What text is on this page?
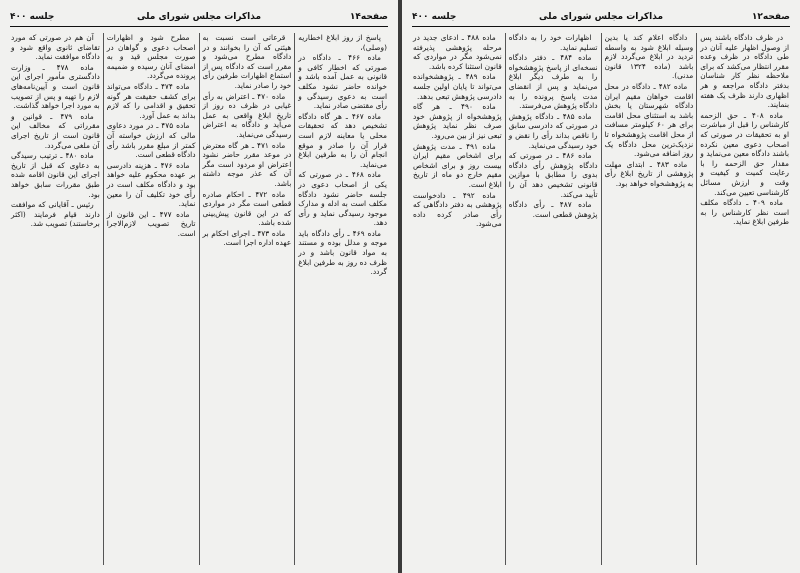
صفحه۱۴
مذاکرات مجلس شورای ملی
جلسه ۴۰۰

پاسخ از روز ابلاغ اخطاریه (وصلی)،

ماده ۴۶۶ ـ دادگاه در صورتی که اخطار کافی و قانونی به عمل آمده باشد و خوانده حاضر نشود مکلف است به دعوی رسیدگی و رأی مقتضی صادر نماید.

ماده ۴۶۷ ـ هر گاه دادگاه تشخیص دهد که تحقیقات محلی یا معاینه لازم است قرار آن را صادر و موقع انجام آن را به طرفین ابلاغ می‌نماید.

ماده ۴۶۸ ـ در صورتی که یکی از اصحاب دعوی در جلسه حاضر نشود دادگاه مکلف است به ادله و مدارک موجود رسیدگی نماید و رأی دهد.

ماده ۴۶۹ ـ رأی دادگاه باید موجه و مدلل بوده و مستند به مواد قانون باشد و در ظرف ده روز به طرفین ابلاغ گردد.

قرعاتی است نسبت به هیئتی که آن را بخوانند و در دادگاه مطرح می‌شود و مقرر است که دادگاه پس از استماع اظهارات طرفین رأی خود را صادر نماید.

ماده ۴۷۰ ـ اعتراض به رأی غیابی در ظرف ده روز از تاریخ ابلاغ واقعی به عمل می‌آید و دادگاه به اعتراض رسیدگی می‌نماید.

ماده ۴۷۱ ـ هر گاه معترض در موعد مقرر حاضر نشود اعتراض او مردود است مگر آن که عذر موجه داشته باشد.

ماده ۴۷۲ ـ احکام صادره قطعی است مگر در مواردی که در این قانون پیش‌بینی شده باشد.

ماده ۴۷۳ ـ اجرای احکام بر عهده اداره اجرا است.

مطرح شود و اظهارات اصحاب دعوی و گواهان در صورت مجلس قید و به امضای آنان رسیده و ضمیمه پرونده می‌گردد.

ماده ۴۷۴ ـ دادگاه می‌تواند برای کشف حقیقت هر گونه تحقیق و اقدامی را که لازم بداند به عمل آورد.

ماده ۴۷۵ ـ در مورد دعاوی مالی که ارزش خواسته آن کمتر از مبلغ مقرر باشد رأی دادگاه قطعی است.

ماده ۴۷۶ ـ هزینه دادرسی بر عهده محکوم علیه خواهد بود و دادگاه مکلف است در رأی خود تکلیف آن را معین نماید.

ماده ۴۷۷ ـ این قانون از تاریخ تصویب لازم‌الاجرا است.

آن هم در صورتی که مورد تقاضای ثانوی واقع شود و دادگاه موافقت نماید.

ماده ۴۷۸ ـ وزارت دادگستری مأمور اجرای این قانون است و آیین‌نامه‌های لازم را تهیه و پس از تصویب به مورد اجرا خواهد گذاشت.

ماده ۴۷۹ ـ قوانین و مقرراتی که مخالف این قانون است از تاریخ اجرای آن ملغی می‌گردد.

ماده ۴۸۰ ـ ترتیب رسیدگی به دعاوی که قبل از تاریخ اجرای این قانون اقامه شده طبق مقررات سابق خواهد بود.

رئیس ـ آقایانی که موافقت دارند قیام فرمایند (اکثر برخاستند) تصویب شد.

صفحه۱۲
مذاکرات مجلس شورای ملی
جلسه ۴۰۰

در ظرف دادگاه باشند پس از وصول اظهار علیه آنان در طی دادگاه در ظرف وعده مقرر انتظار می‌کشد که برای ملاحظه نظر کار شناسان بدفتر دادگاه مراجعه و هر اظهاری دارند ظرف یک هفته بنمایند.

ماده ۴۰۸ ـ حق الزحمه کارشناس را قبل از مباشرت او به تحقیقات در صورتی که اصحاب دعوی معین نکرده باشند دادگاه معین می‌نماید و مقدار حق الزحمه را با رعایت کمیت و کیفیت و وقت و ارزش مسائل کارشناسی تعیین می‌کند.

ماده ۴۰۹ ـ دادگاه مکلف است نظر کارشناس را به طرفین ابلاغ نماید.

دادگاه اعلام کند یا بدین وسیله ابلاغ شود به واسطه تردید در ابلاغ می‌گردد لازم باشد (ماده ۱۳۲۴ قانون مدنی).

ماده ۴۸۲ ـ دادگاه در محل اقامت خواهان مقیم ایران دادگاه شهرستان یا بخش باشد به استثنای محل اقامت برای هر ۶۰ کیلومتر مسافت از محل اقامت پژوهشخواه تا نزدیک‌ترین محل دادگاه یک روز اضافه می‌شود.

ماده ۴۸۳ ـ ابتدای مهلت پژوهشی از تاریخ ابلاغ رأی به پژوهشخواه خواهد بود.

اظهارات خود را به دادگاه تسلیم نماید.

ماده ۴۸۴ ـ دفتر دادگاه نسخه‌ای از پاسخ پژوهشخواه را به طرف دیگر ابلاغ می‌نماید و پس از انقضای مدت پاسخ پرونده را به دادگاه پژوهش می‌فرستد.

ماده ۴۸۵ ـ دادگاه پژوهش در صورتی که دادرسی سابق را ناقص بداند رأی را نقض و خود رسیدگی می‌نماید.

ماده ۴۸۶ ـ در صورتی که دادگاه پژوهش رأی دادگاه بدوی را مطابق با موازین قانونی تشخیص دهد آن را تأیید می‌کند.

ماده ۴۸۷ ـ رأی دادگاه پژوهش قطعی است.

ماده ۴۸۸ ـ ادعای جدید در مرحله پژوهشی پذیرفته نمی‌شود مگر در مواردی که قانون استثنا کرده باشد.

ماده ۴۸۹ ـ پژوهشخوانده می‌تواند تا پایان اولین جلسه دادرسی پژوهش تبعی بدهد.

ماده ۴۹۰ ـ هر گاه پژوهشخواه از پژوهش خود صرف نظر نماید پژوهش تبعی نیز از بین می‌رود.

ماده ۴۹۱ ـ مدت پژوهش برای اشخاص مقیم ایران بیست روز و برای اشخاص مقیم خارج دو ماه از تاریخ ابلاغ است.

ماده ۴۹۲ ـ دادخواست پژوهشی به دفتر دادگاهی که رأی صادر کرده داده می‌شود.
